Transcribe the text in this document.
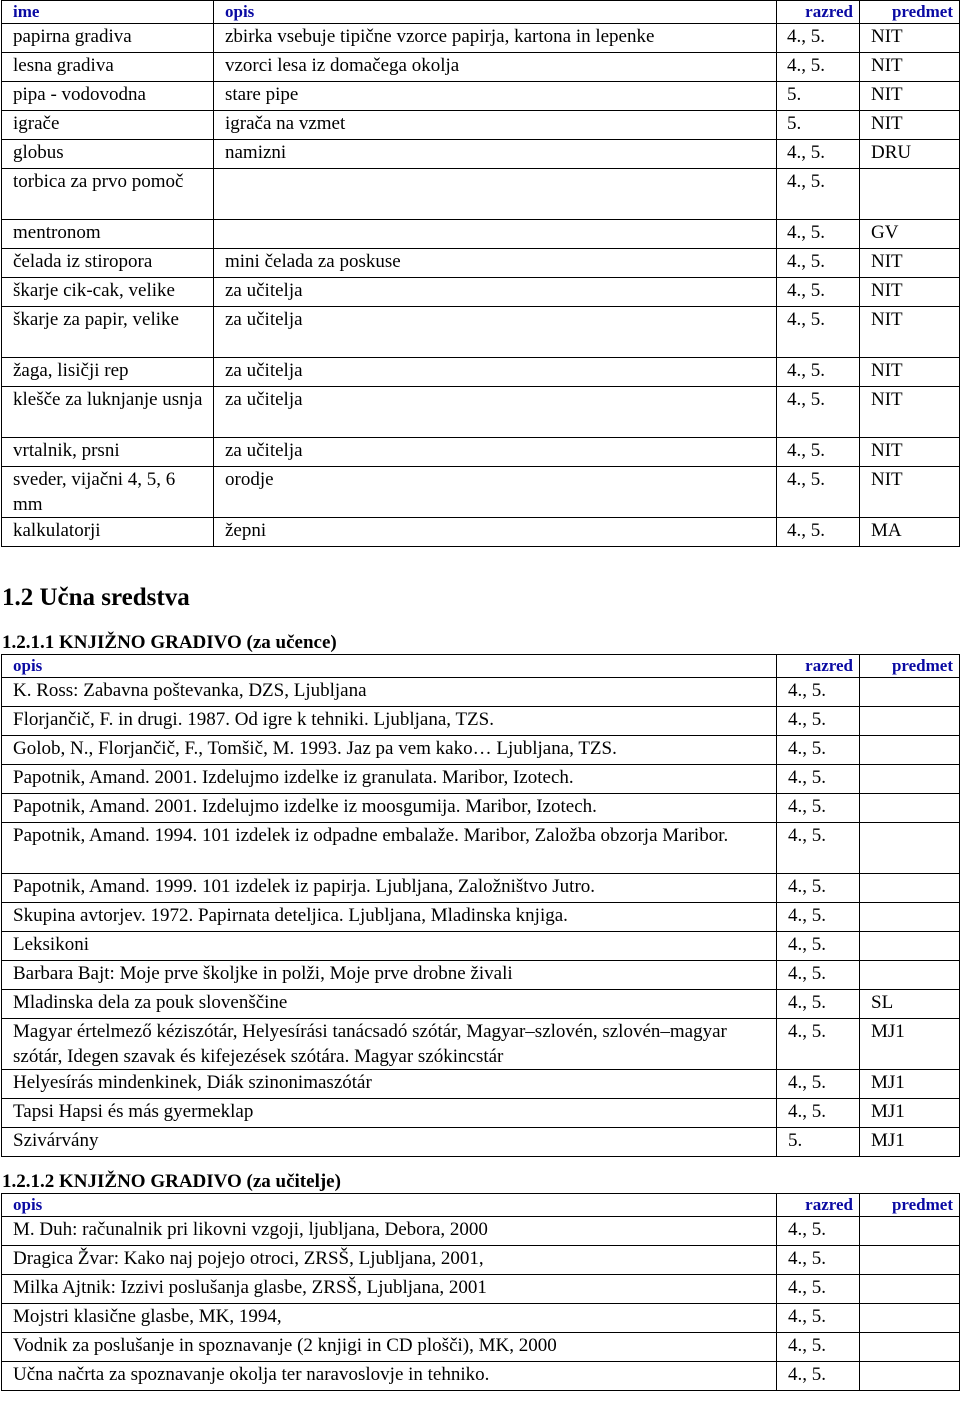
ime	opis	razred	predmet
papirna gradiva	zbirka vsebuje tipične vzorce papirja, kartona in lepenke	4., 5.	NIT
lesna gradiva	vzorci lesa iz domačega okolja	4., 5.	NIT
pipa - vodovodna	stare pipe	5.	NIT
igrače	igrača na vzmet	5.	NIT
globus	namizni	4., 5.	DRU
torbica za prvo pomoč		4., 5.	
mentronom		4., 5.	GV
čelada iz stiropora	mini čelada za poskuse	4., 5.	NIT
škarje cik-cak, velike	za učitelja	4., 5.	NIT
škarje za papir, velike	za učitelja	4., 5.	NIT
žaga, lisičji rep	za učitelja	4., 5.	NIT
klešče za luknjanje usnja	za učitelja	4., 5.	NIT
vrtalnik, prsni	za učitelja	4., 5.	NIT
sveder, vijačni 4, 5, 6 mm	orodje	4., 5.	NIT
kalkulatorji	žepni	4., 5.	MA
1.2 Učna sredstva
1.2.1.1 KNJIŽNO GRADIVO (za učence)
opis	razred	predmet
K. Ross: Zabavna poštevanka, DZS, Ljubljana	4., 5.	
Florjančič, F. in drugi. 1987. Od igre k tehniki. Ljubljana, TZS.	4., 5.	
Golob, N., Florjančič, F., Tomšič, M. 1993. Jaz pa vem kako… Ljubljana, TZS.	4., 5.	
Papotnik, Amand. 2001. Izdelujmo izdelke iz granulata. Maribor, Izotech.	4., 5.	
Papotnik, Amand. 2001. Izdelujmo izdelke iz moosgumija. Maribor, Izotech.	4., 5.	
Papotnik, Amand. 1994. 101 izdelek iz odpadne embalaže. Maribor, Založba obzorja Maribor.	4., 5.	
Papotnik, Amand. 1999. 101 izdelek iz papirja. Ljubljana, Založništvo Jutro.	4., 5.	
Skupina avtorjev. 1972. Papirnata deteljica. Ljubljana, Mladinska knjiga.	4., 5.	
Leksikoni	4., 5.	
Barbara Bajt: Moje prve školjke in polži, Moje prve drobne živali	4., 5.	
Mladinska dela za pouk slovenščine	4., 5.	SL
Magyar értelmező kéziszótár, Helyesírási tanácsadó szótár, Magyar–szlovén, szlovén–magyar szótár, Idegen szavak és kifejezések szótára. Magyar szókincstár	4., 5.	MJ1
Helyesírás mindenkinek, Diák szinonimaszótár	4., 5.	MJ1
Tapsi Hapsi és más gyermeklap	4., 5.	MJ1
Szivárvány	5.	MJ1
1.2.1.2 KNJIŽNO GRADIVO (za učitelje)
opis	razred	predmet
M. Duh: računalnik pri likovni vzgoji, ljubljana, Debora, 2000	4., 5.	
Dragica Žvar: Kako naj pojejo otroci, ZRSŠ, Ljubljana, 2001,	4., 5.	
Milka Ajtnik: Izzivi poslušanja glasbe, ZRSŠ, Ljubljana, 2001	4., 5.	
Mojstri klasične glasbe, MK, 1994,	4., 5.	
Vodnik za poslušanje in spoznavanje (2 knjigi in CD plošči), MK, 2000	4., 5.	
Učna načrta za spoznavanje okolja ter naravoslovje in tehniko.	4., 5.	
